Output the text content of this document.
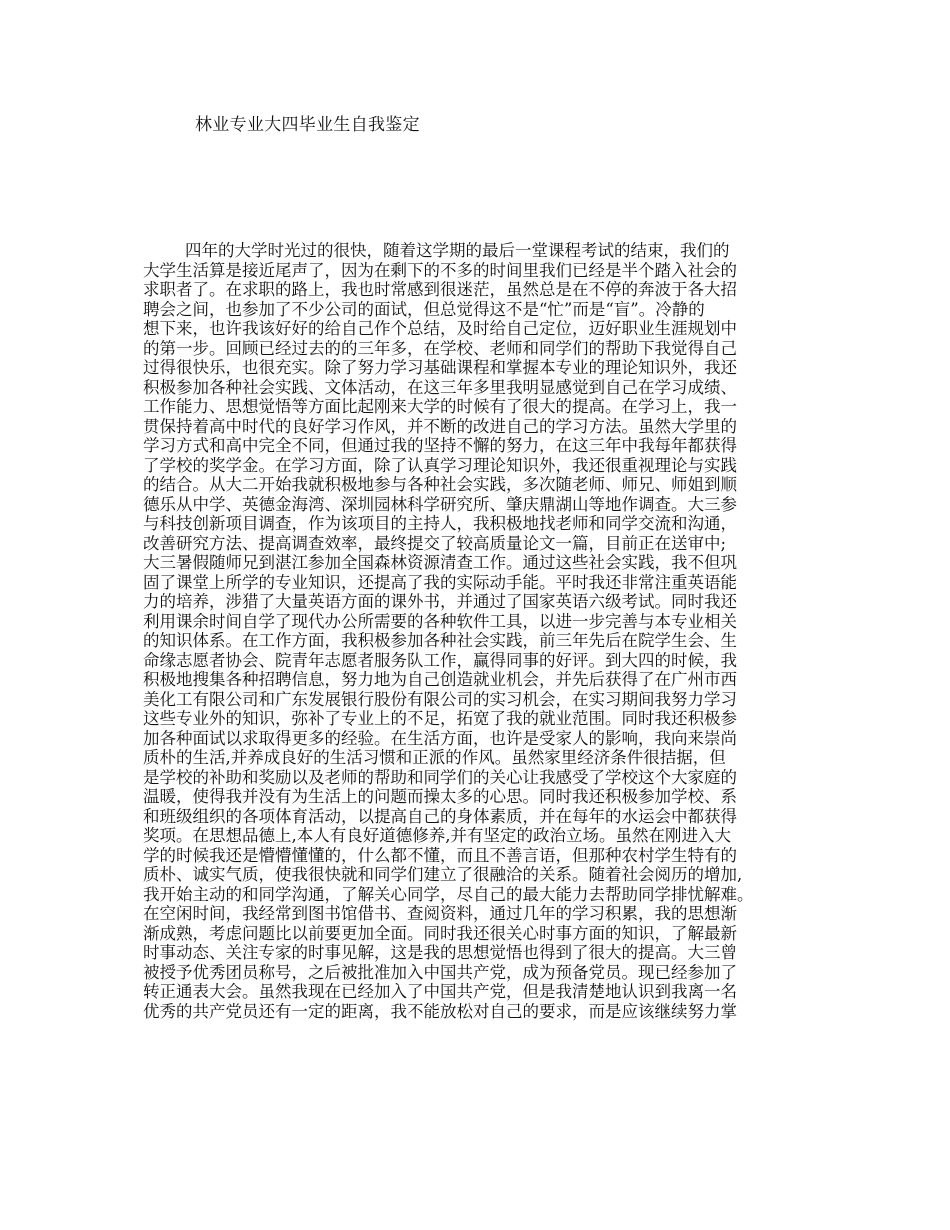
林业专业大四毕业生自我鉴定
四年的大学时光过的很快，随着这学期的最后一堂课程考试的结束，我们的
大学生活算是接近尾声了，因为在剩下的不多的时间里我们已经是半个踏入社会的
求职者了。在求职的路上，我也时常感到很迷茫，虽然总是在不停的奔波于各大招
聘会之间，也参加了不少公司的面试，但总觉得这不是“忙”而是“盲”。冷静的
想下来，也许我该好好的给自己作个总结，及时给自己定位，迈好职业生涯规划中
的第一步。回顾已经过去的的三年多，在学校、老师和同学们的帮助下我觉得自己
过得很快乐，也很充实。除了努力学习基础课程和掌握本专业的理论知识外，我还
积极参加各种社会实践、文体活动，在这三年多里我明显感觉到自己在学习成绩、
工作能力、思想觉悟等方面比起刚来大学的时候有了很大的提高。在学习上，我一
贯保持着高中时代的良好学习作风，并不断的改进自己的学习方法。虽然大学里的
学习方式和高中完全不同，但通过我的坚持不懈的努力，在这三年中我每年都获得
了学校的奖学金。在学习方面，除了认真学习理论知识外，我还很重视理论与实践
的结合。从大二开始我就积极地参与各种社会实践，多次随老师、师兄、师姐到顺
德乐从中学、英德金海湾、深圳园林科学研究所、肇庆鼎湖山等地作调查。大三参
与科技创新项目调查，作为该项目的主持人，我积极地找老师和同学交流和沟通，
改善研究方法、提高调查效率，最终提交了较高质量论文一篇，目前正在送审中;
大三暑假随师兄到湛江参加全国森林资源清查工作。通过这些社会实践，我不但巩
固了课堂上所学的专业知识，还提高了我的实际动手能。平时我还非常注重英语能
力的培养，涉猎了大量英语方面的课外书，并通过了国家英语六级考试。同时我还
利用课余时间自学了现代办公所需要的各种软件工具，以进一步完善与本专业相关
的知识体系。在工作方面，我积极参加各种社会实践，前三年先后在院学生会、生
命缘志愿者协会、院青年志愿者服务队工作，赢得同事的好评。到大四的时候，我
积极地搜集各种招聘信息，努力地为自己创造就业机会，并先后获得了在广州市西
美化工有限公司和广东发展银行股份有限公司的实习机会，在实习期间我努力学习
这些专业外的知识，弥补了专业上的不足，拓宽了我的就业范围。同时我还积极参
加各种面试以求取得更多的经验。在生活方面，也许是受家人的影响，我向来崇尚
质朴的生活,并养成良好的生活习惯和正派的作风。虽然家里经济条件很拮据，但
是学校的补助和奖励以及老师的帮助和同学们的关心让我感受了学校这个大家庭的
温暖，使得我并没有为生活上的问题而操太多的心思。同时我还积极参加学校、系
和班级组织的各项体育活动，以提高自己的身体素质，并在每年的水运会中都获得
奖项。在思想品德上,本人有良好道德修养,并有坚定的政治立场。虽然在刚进入大
学的时候我还是懵懵懂懂的，什么都不懂，而且不善言语，但那种农村学生特有的
质朴、诚实气质，使我很快就和同学们建立了很融洽的关系。随着社会阅历的增加,
我开始主动的和同学沟通，了解关心同学，尽自己的最大能力去帮助同学排忧解难。
在空闲时间，我经常到图书馆借书、查阅资料，通过几年的学习积累，我的思想渐
渐成熟，考虑问题比以前要更加全面。同时我还很关心时事方面的知识，了解最新
时事动态、关注专家的时事见解，这是我的思想觉悟也得到了很大的提高。大三曾
被授予优秀团员称号，之后被批准加入中国共产党，成为预备党员。现已经参加了
转正通表大会。虽然我现在已经加入了中国共产党，但是我清楚地认识到我离一名
优秀的共产党员还有一定的距离，我不能放松对自己的要求，而是应该继续努力掌
